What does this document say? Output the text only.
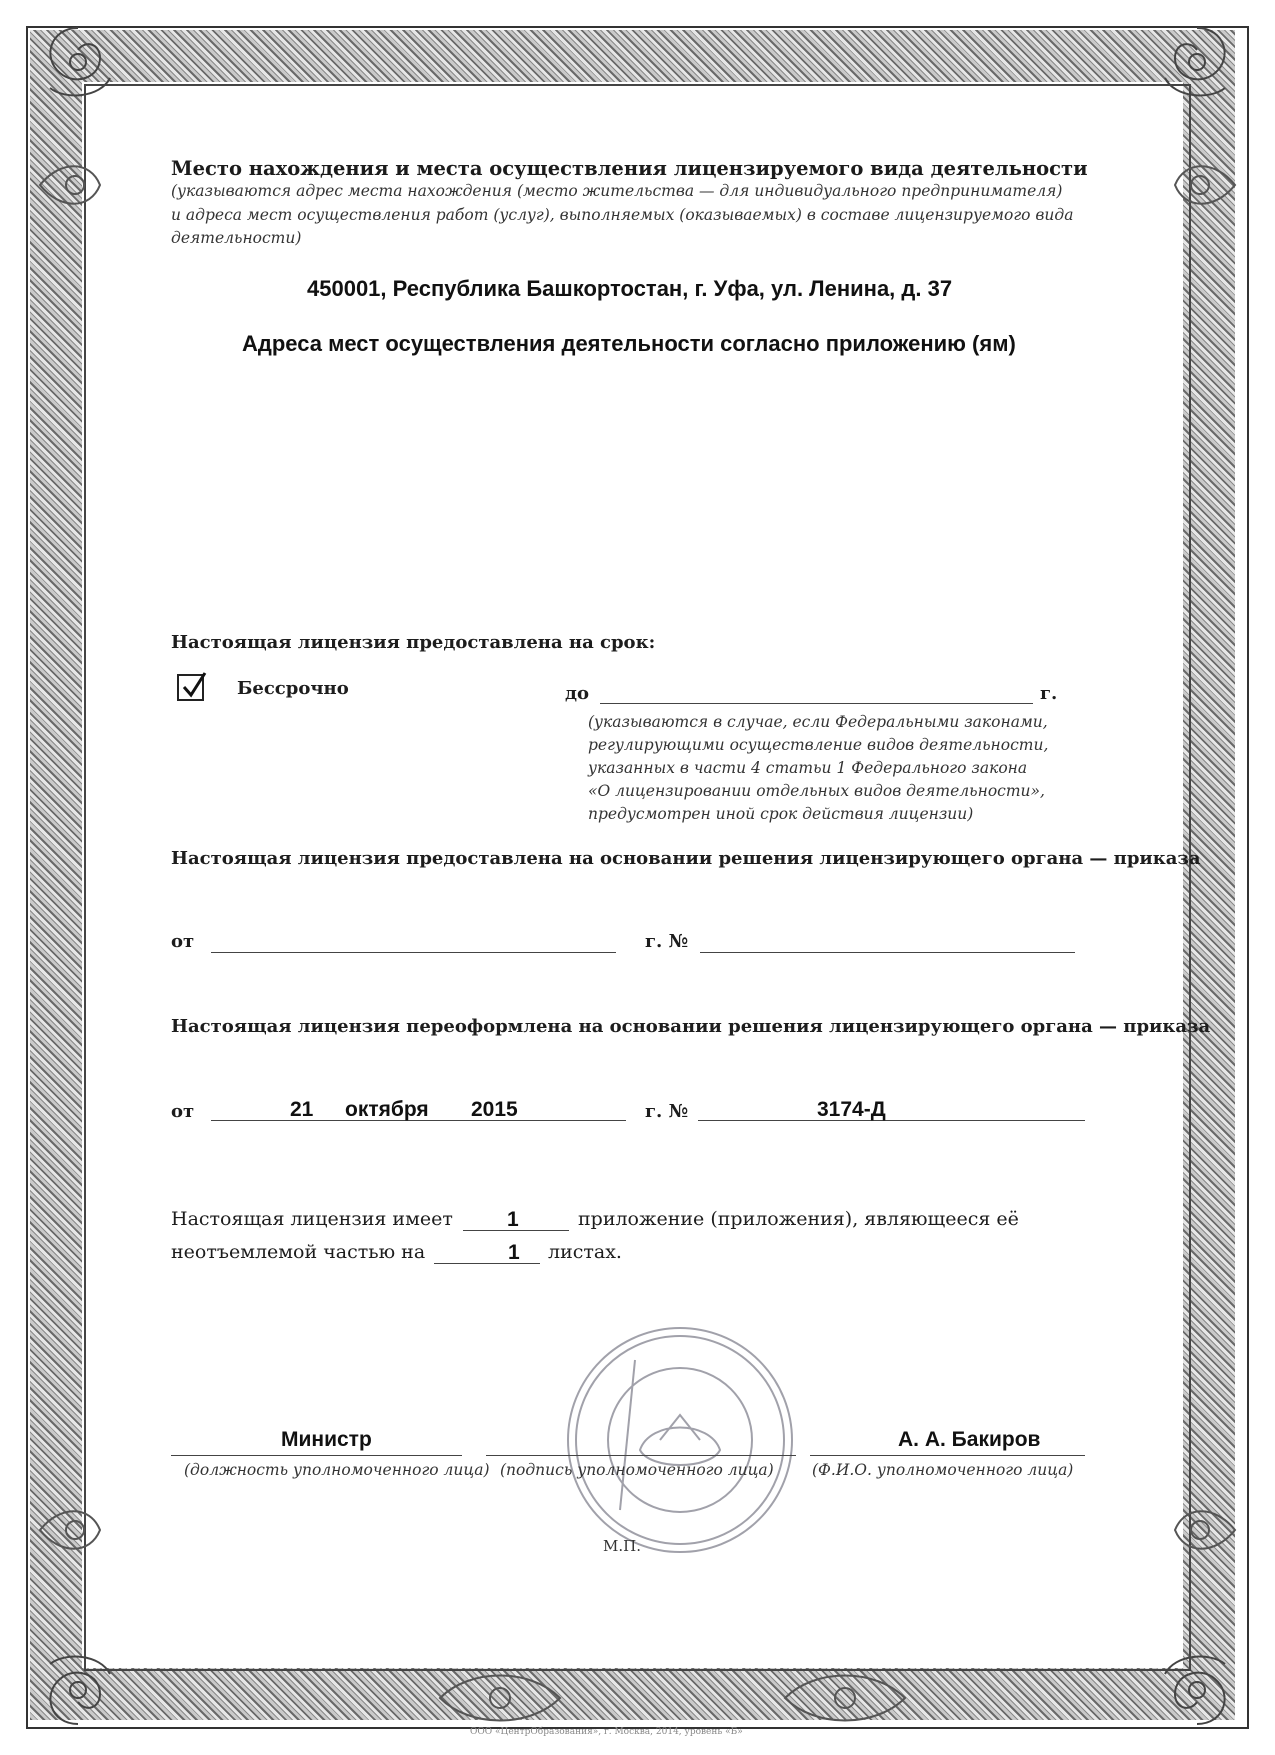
Место нахождения и места осуществления лицензируемого вида деятельности
(указываются адрес места нахождения (место жительства — для индивидуального предпринимателя)
и адреса мест осуществления работ (услуг), выполняемых (оказываемых) в составе лицензируемого вида
деятельности)
450001, Республика Башкортостан, г. Уфа, ул. Ленина, д. 37
Адреса мест осуществления деятельности согласно приложению (ям)
Настоящая лицензия предоставлена на срок:
Бессрочно	до	г.
(указываются в случае, если Федеральными законами,
регулирующими осуществление видов деятельности,
указанных в части 4 статьи 1 Федерального закона
«О лицензировании отдельных видов деятельности»,
предусмотрен иной срок действия лицензии)
Настоящая лицензия предоставлена на основании решения лицензирующего органа — приказа
от	г. №
Настоящая лицензия переоформлена на основании решения лицензирующего органа — приказа
от	21 октября 2015	г. №	3174-Д
Настоящая лицензия имеет	1	приложение (приложения), являющееся её
неотъемлемой частью на	1 листах.
Министр
(должность уполномоченного лица) (подпись уполномоченного лица)
А. А. Бакиров
(Ф.И.О. уполномоченного лица)
М.П.
ООО «ЦентрОбразования», г. Москва, 2014, уровень «Б»
